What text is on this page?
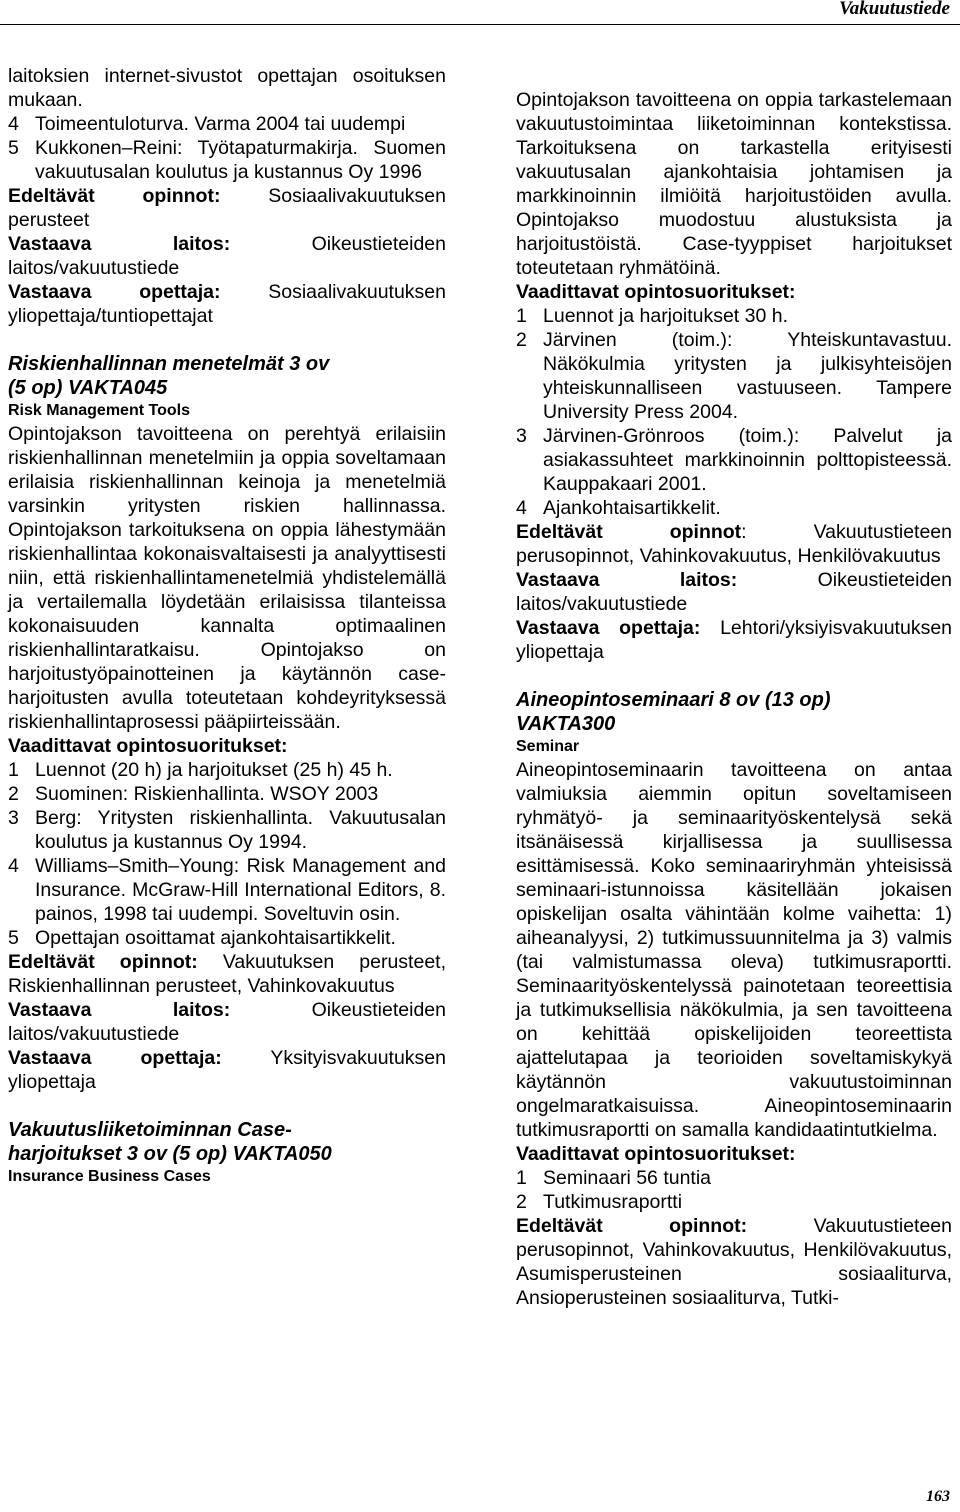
Vakuutustiede

laitoksien internet-sivustot opettajan osoituksen mukaan.

4 Toimeentuloturva. Varma 2004 tai uudempi
5 Kukkonen–Reini: Työtapaturmakirja. Suomen vakuutusalan koulutus ja kustannus Oy 1996

Edeltävät opinnot: Sosiaalivakuutuksen perusteet

Vastaava laitos:	Oikeustieteiden laitos/vakuutustiede

Vastaava opettaja: Sosiaalivakuutuksen yliopettaja/tuntiopettajat

Riskienhallinnan menetelmät 3 ov
(5 op) VAKTA045

Risk Management Tools

Opintojakson tavoitteena on perehtyä erilaisiin riskienhallinnan menetelmiin ja oppia soveltamaan erilaisia riskienhallinnan keinoja ja menetelmiä varsinkin yritysten riskien hallinnassa. Opintojakson tarkoituksena on oppia lähestymään riskienhallintaa kokonaisvaltaisesti ja analyyttisesti niin, että riskienhallintamenetelmiä yhdistelemällä ja vertailemalla löydetään erilaisissa tilanteissa kokonaisuuden kannalta optimaalinen riskienhallintaratkaisu. Opintojakso on harjoitustyöpainotteinen ja käytännön case-harjoitusten avulla toteutetaan kohdeyrityksessä riskienhallintaprosessi pääpiirteissään.

Vaadittavat opintosuoritukset:

1 Luennot (20 h) ja harjoitukset (25 h) 45 h.
2 Suominen: Riskienhallinta. WSOY 2003
3 Berg: Yritysten riskienhallinta. Vakuutusalan koulutus ja kustannus Oy 1994.
4 Williams–Smith–Young: Risk Management and Insurance. McGraw-Hill International Editors, 8. painos, 1998 tai uudempi. Soveltuvin osin.
5 Opettajan osoittamat ajankohtaisartikkelit.

Edeltävät opinnot: Vakuutuksen perusteet, Riskienhallinnan perusteet, Vahinkovakuutus

Vastaava laitos:	Oikeustieteiden laitos/vakuutustiede

Vastaava opettaja: Yksityisvakuutuksen yliopettaja

Vakuutusliiketoiminnan Case-
harjoitukset 3 ov (5 op) VAKTA050

Insurance Business Cases

Opintojakson tavoitteena on oppia tarkastelemaan vakuutustoimintaa liiketoiminnan kontekstissa. Tarkoituksena on tarkastella erityisesti vakuutusalan ajankohtaisia johtamisen ja markkinoinnin ilmiöitä harjoitustöiden avulla. Opintojakso muodostuu alustuksista ja harjoitustöistä. Case-tyyppiset harjoitukset toteutetaan ryhmätöinä.

Vaadittavat opintosuoritukset:

1 Luennot ja harjoitukset 30 h.
2 Järvinen (toim.): Yhteiskuntavastuu. Näkökulmia yritysten ja julkisyhteisöjen yhteiskunnalliseen vastuuseen. Tampere University Press 2004.
3 Järvinen-Grönroos (toim.): Palvelut ja asiakassuhteet markkinoinnin polttopisteessä. Kauppakaari 2001.
4 Ajankohtaisartikkelit.

Edeltävät opinnot: Vakuutustieteen perusopinnot, Vahinkovakuutus, Henkilövakuutus

Vastaava laitos:	Oikeustieteiden laitos/vakuutustiede

Vastaava opettaja: Lehtori/yksiyisvakuutuksen yliopettaja

Aineopintoseminaari 8 ov (13 op)
VAKTA300

Seminar

Aineopintoseminaarin tavoitteena on antaa valmiuksia aiemmin opitun soveltamiseen ryhmätyö- ja seminaarityöskentelysä sekä itsänäisessä kirjallisessa ja suullisessa esittämisessä. Koko seminaariryhmän yhteisissä seminaari-istunnoissa käsitellään jokaisen opiskelijan osalta vähintään kolme vaihetta: 1) aiheanalyysi, 2) tutkimussuunnitelma ja 3) valmis (tai valmistumassa oleva) tutkimusraportti. Seminaarityöskentelyssä painotetaan teoreettisia ja tutkimuksellisia näkökulmia, ja sen tavoitteena on kehittää opiskelijoiden teoreettista ajattelutapaa ja teorioiden soveltamiskykyä käytännön vakuutustoiminnan ongelmaratkaisuissa. Aineopintoseminaarin tutkimusraportti on samalla kandidaatintutkielma.

Vaadittavat opintosuoritukset:

1 Seminaari 56 tuntia
2 Tutkimusraportti

Edeltävät opinnot:	Vakuutustieteen perusopinnot, Vahinkovakuutus, Henkilövakuutus, Asumisperusteinen sosiaaliturva, Ansioperusteinen sosiaaliturva, Tutki-

163
